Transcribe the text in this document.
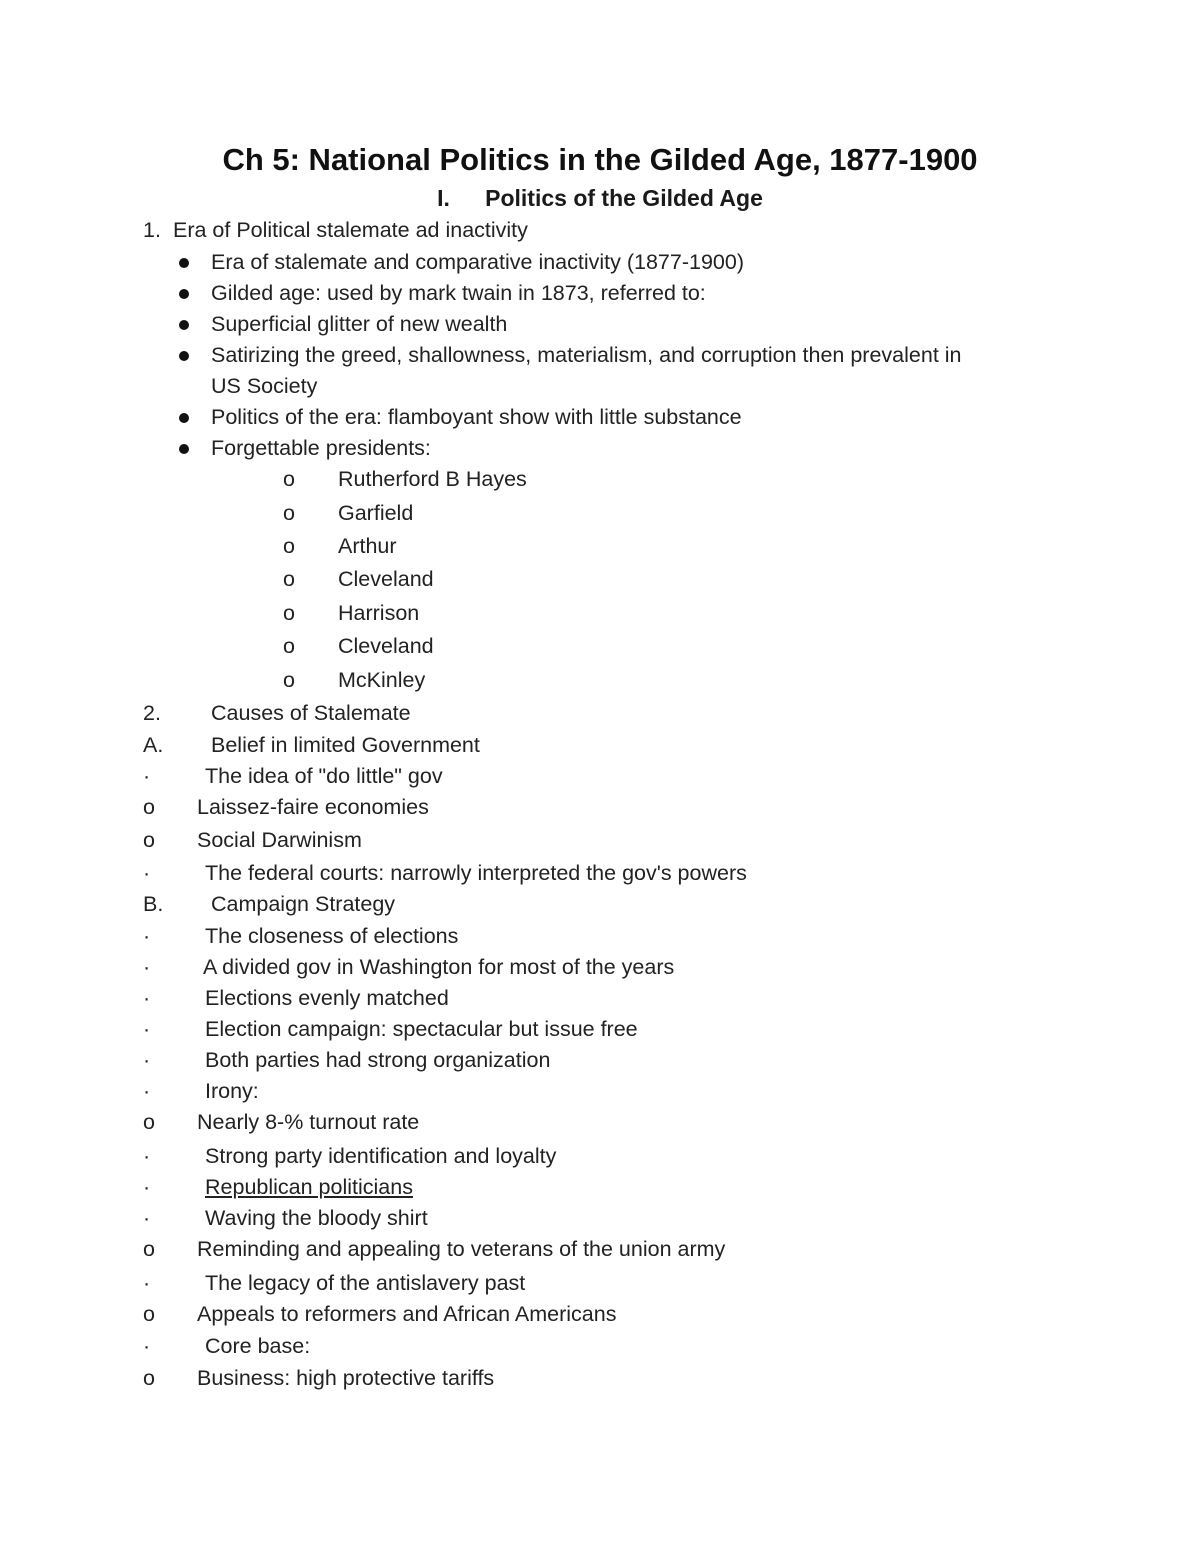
Ch 5: National Politics in the Gilded Age, 1877-1900
I. Politics of the Gilded Age
1. Era of Political stalemate ad inactivity
Era of stalemate and comparative inactivity (1877-1900)
Gilded age: used by mark twain in 1873, referred to:
Superficial glitter of new wealth
Satirizing the greed, shallowness, materialism, and corruption then prevalent in
US Society
Politics of the era: flamboyant show with little substance
Forgettable presidents:
o Rutherford B Hayes
o Garfield
o Arthur
o Cleveland
o Harrison
o Cleveland
o McKinley
2. Causes of Stalemate
A. Belief in limited Government
·	The idea of "do little" gov
o Laissez-faire economies
o Social Darwinism
·	The federal courts: narrowly interpreted the gov's powers
B. Campaign Strategy
·	The closeness of elections
· A divided gov in Washington for most of the years
·	Elections evenly matched
·	Election campaign: spectacular but issue free
·	Both parties had strong organization
·	Irony:
o Nearly 8-% turnout rate
·	Strong party identification and loyalty
·	Republican politicians
·	Waving the bloody shirt
o Reminding and appealing to veterans of the union army
·	The legacy of the antislavery past
o Appeals to reformers and African Americans
·	Core base:
o Business: high protective tariffs
